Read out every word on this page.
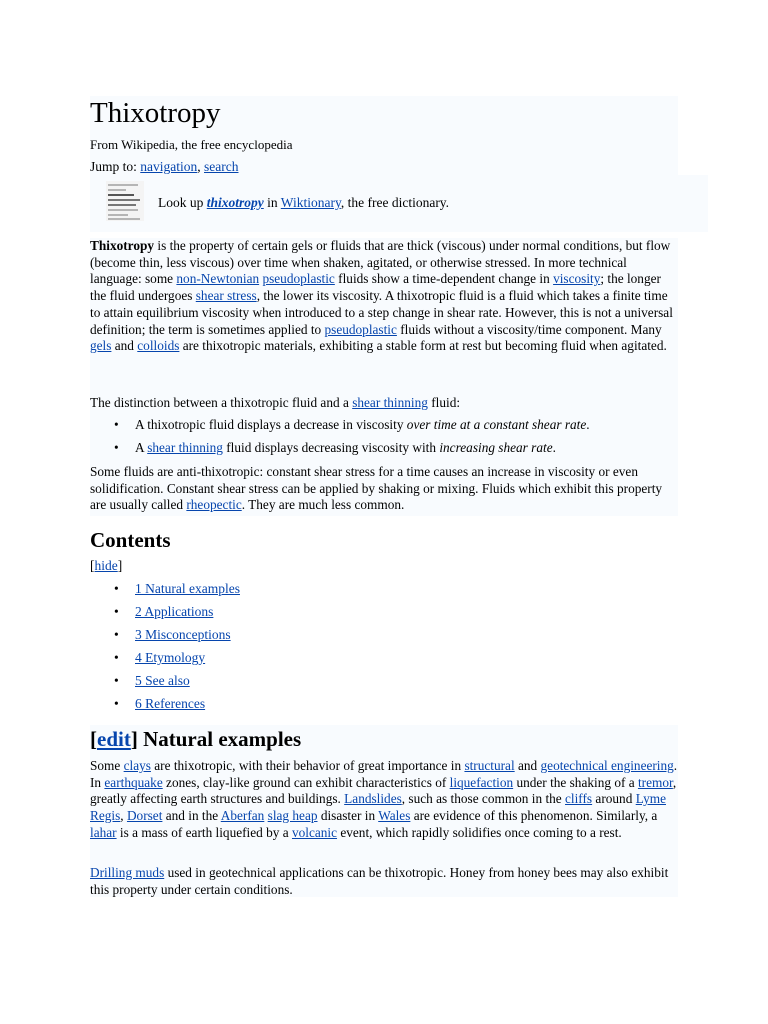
Thixotropy
From Wikipedia, the free encyclopedia
Jump to: navigation, search
Look up thixotropy in Wiktionary, the free dictionary.
Thixotropy is the property of certain gels or fluids that are thick (viscous) under normal conditions, but flow (become thin, less viscous) over time when shaken, agitated, or otherwise stressed. In more technical language: some non-Newtonian pseudoplastic fluids show a time-dependent change in viscosity; the longer the fluid undergoes shear stress, the lower its viscosity. A thixotropic fluid is a fluid which takes a finite time to attain equilibrium viscosity when introduced to a step change in shear rate. However, this is not a universal definition; the term is sometimes applied to pseudoplastic fluids without a viscosity/time component. Many gels and colloids are thixotropic materials, exhibiting a stable form at rest but becoming fluid when agitated.
The distinction between a thixotropic fluid and a shear thinning fluid:
• A thixotropic fluid displays a decrease in viscosity over time at a constant shear rate.
• A shear thinning fluid displays decreasing viscosity with increasing shear rate.
Some fluids are anti-thixotropic: constant shear stress for a time causes an increase in viscosity or even solidification. Constant shear stress can be applied by shaking or mixing. Fluids which exhibit this property are usually called rheopectic. They are much less common.
Contents
[hide]
• 1 Natural examples
• 2 Applications
• 3 Misconceptions
• 4 Etymology
• 5 See also
• 6 References
[edit] Natural examples
Some clays are thixotropic, with their behavior of great importance in structural and geotechnical engineering. In earthquake zones, clay-like ground can exhibit characteristics of liquefaction under the shaking of a tremor, greatly affecting earth structures and buildings. Landslides, such as those common in the cliffs around Lyme Regis, Dorset and in the Aberfan slag heap disaster in Wales are evidence of this phenomenon. Similarly, a lahar is a mass of earth liquefied by a volcanic event, which rapidly solidifies once coming to a rest.
Drilling muds used in geotechnical applications can be thixotropic. Honey from honey bees may also exhibit this property under certain conditions.
